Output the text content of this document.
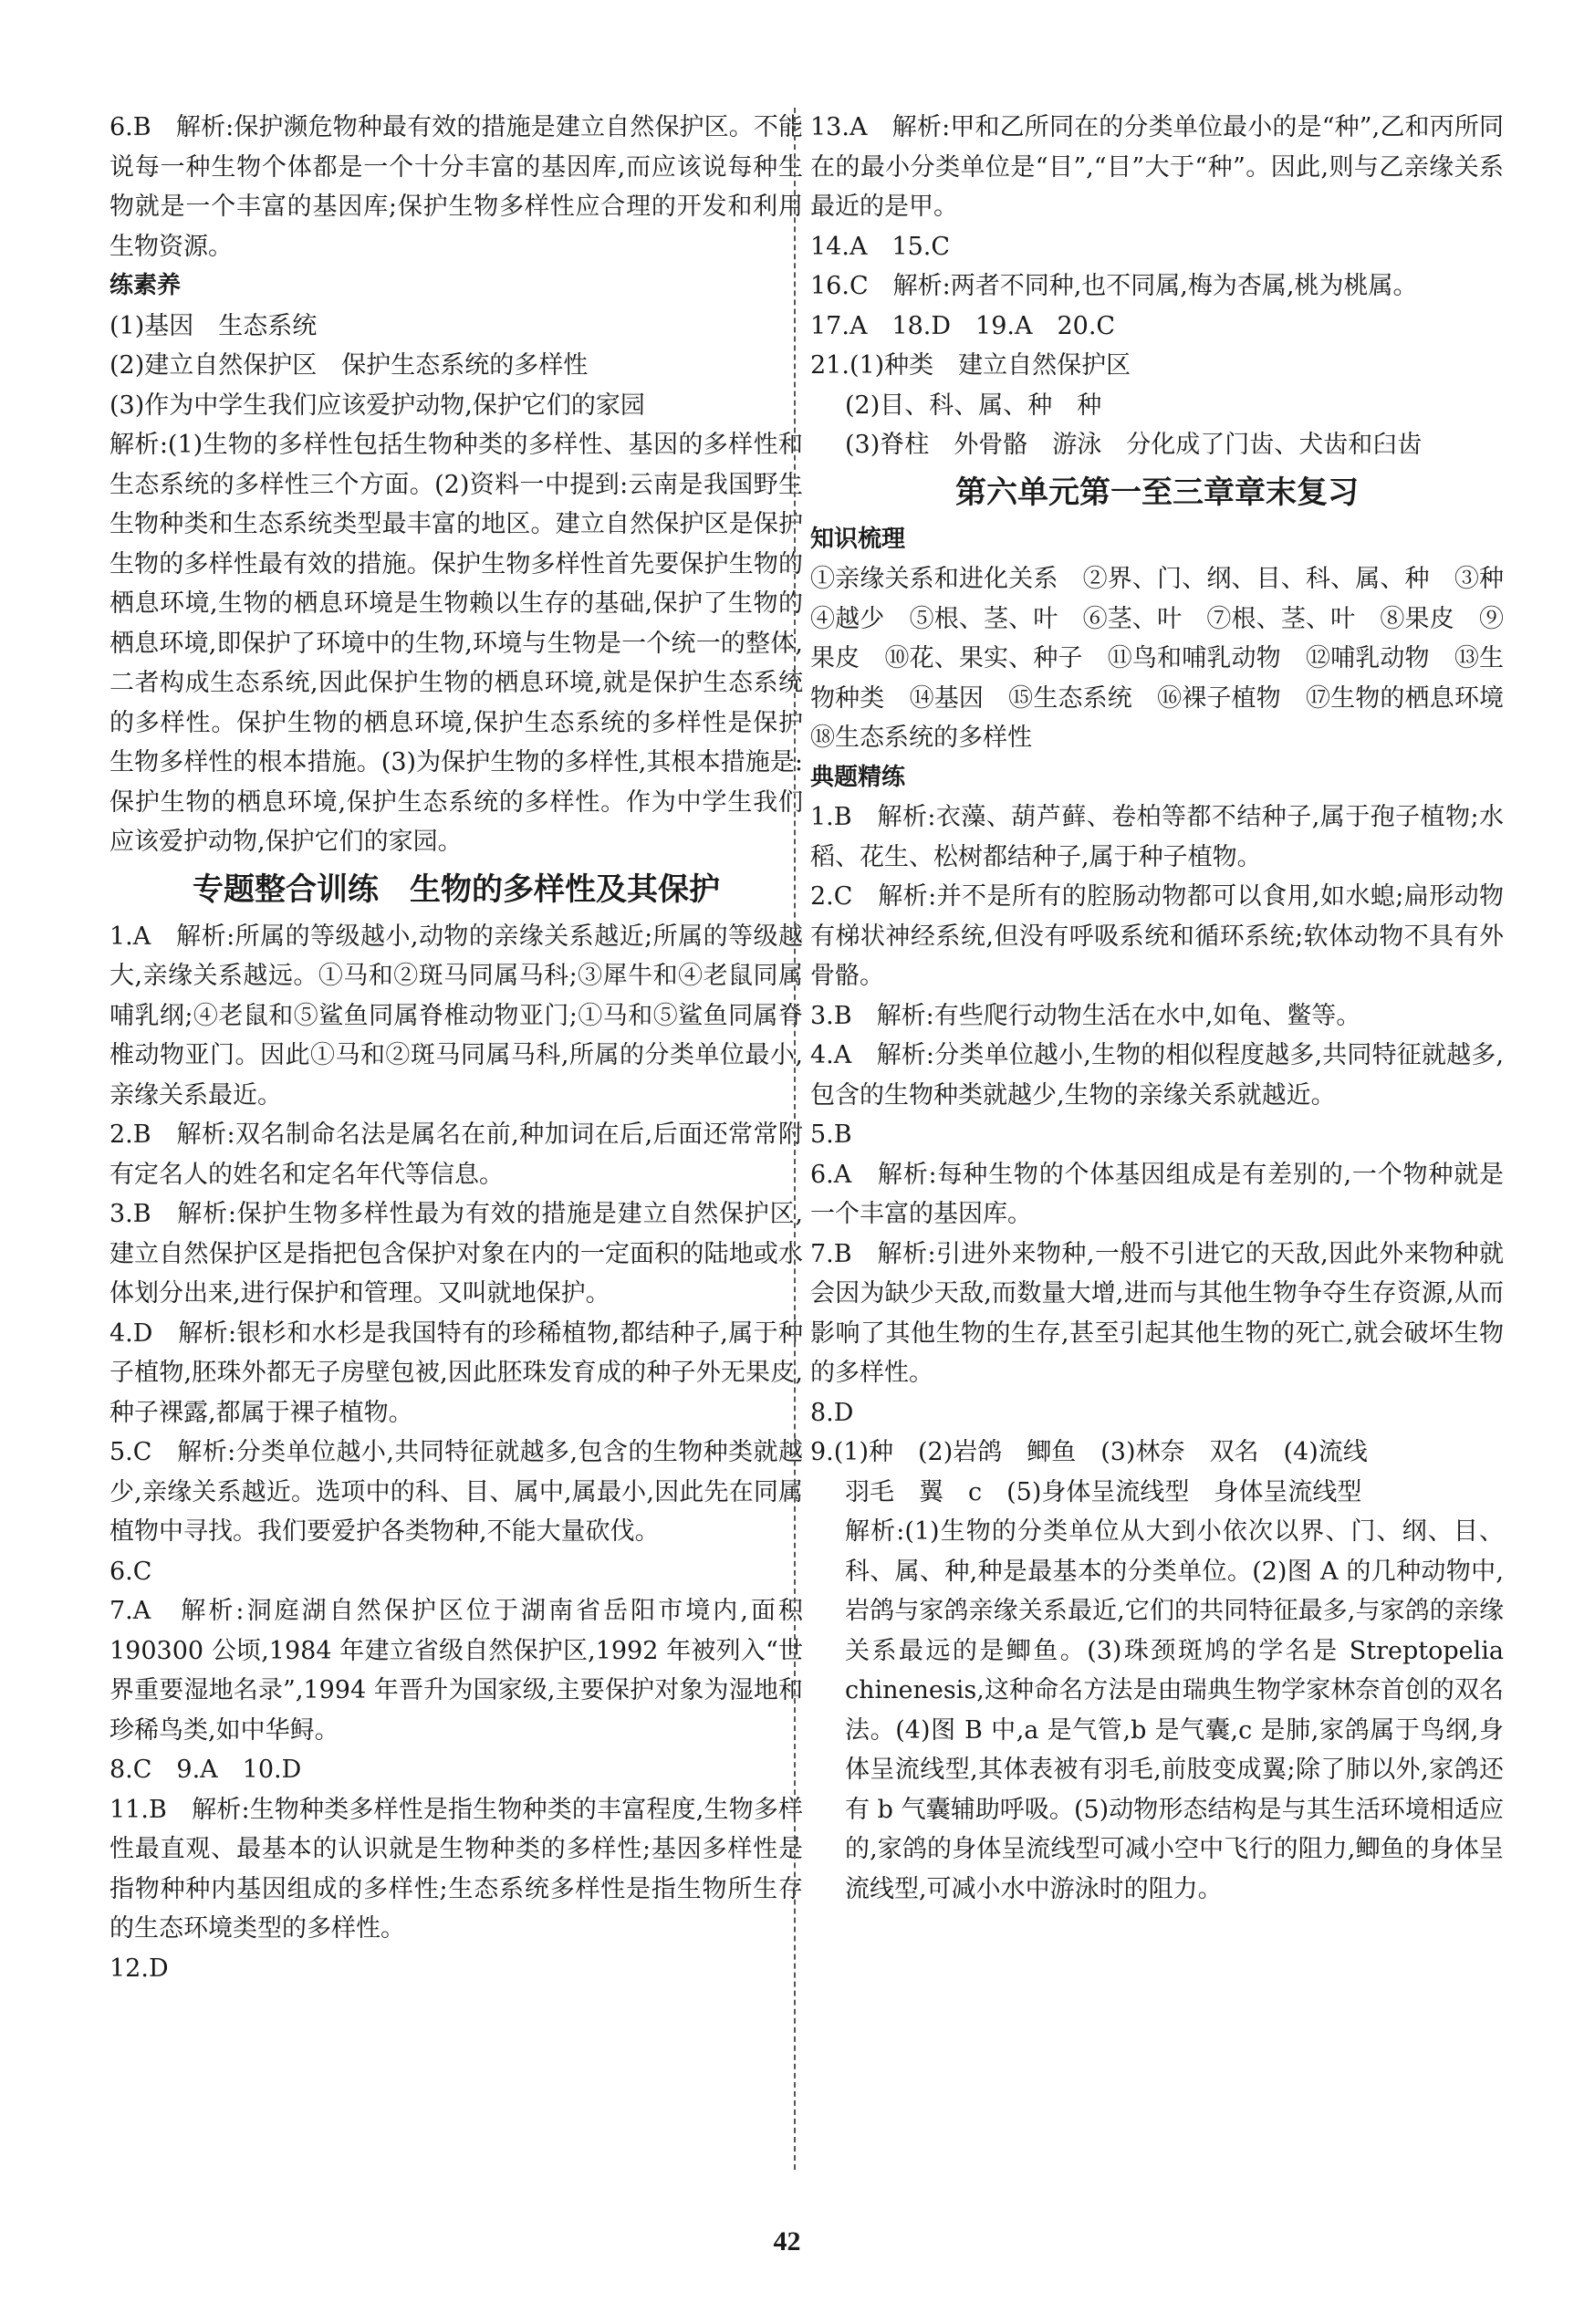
6.B　解析:保护濒危物种最有效的措施是建立自然保护区。不能说每一种生物个体都是一个十分丰富的基因库,而应该说每种生物就是一个丰富的基因库;保护生物多样性应合理的开发和利用生物资源。

练素养

(1)基因　生态系统

(2)建立自然保护区　保护生态系统的多样性

(3)作为中学生我们应该爱护动物,保护它们的家园

解析:(1)生物的多样性包括生物种类的多样性、基因的多样性和生态系统的多样性三个方面。(2)资料一中提到:云南是我国野生生物种类和生态系统类型最丰富的地区。建立自然保护区是保护生物的多样性最有效的措施。保护生物多样性首先要保护生物的栖息环境,生物的栖息环境是生物赖以生存的基础,保护了生物的栖息环境,即保护了环境中的生物,环境与生物是一个统一的整体,二者构成生态系统,因此保护生物的栖息环境,就是保护生态系统的多样性。保护生物的栖息环境,保护生态系统的多样性是保护生物多样性的根本措施。(3)为保护生物的多样性,其根本措施是:保护生物的栖息环境,保护生态系统的多样性。作为中学生我们应该爱护动物,保护它们的家园。

专题整合训练　生物的多样性及其保护

1.A　解析:所属的等级越小,动物的亲缘关系越近;所属的等级越大,亲缘关系越远。①马和②斑马同属马科;③犀牛和④老鼠同属哺乳纲;④老鼠和⑤鲨鱼同属脊椎动物亚门;①马和⑤鲨鱼同属脊椎动物亚门。因此①马和②斑马同属马科,所属的分类单位最小,亲缘关系最近。

2.B　解析:双名制命名法是属名在前,种加词在后,后面还常常附有定名人的姓名和定名年代等信息。

3.B　解析:保护生物多样性最为有效的措施是建立自然保护区,建立自然保护区是指把包含保护对象在内的一定面积的陆地或水体划分出来,进行保护和管理。又叫就地保护。

4.D　解析:银杉和水杉是我国特有的珍稀植物,都结种子,属于种子植物,胚珠外都无子房壁包被,因此胚珠发育成的种子外无果皮,种子裸露,都属于裸子植物。

5.C　解析:分类单位越小,共同特征就越多,包含的生物种类就越少,亲缘关系越近。选项中的科、目、属中,属最小,因此先在同属植物中寻找。我们要爱护各类物种,不能大量砍伐。

6.C

7.A　解析:洞庭湖自然保护区位于湖南省岳阳市境内,面积 190300 公顷,1984 年建立省级自然保护区,1992 年被列入“世界重要湿地名录”,1994 年晋升为国家级,主要保护对象为湿地和珍稀鸟类,如中华鲟。

8.C　9.A　10.D

11.B　解析:生物种类多样性是指生物种类的丰富程度,生物多样性最直观、最基本的认识就是生物种类的多样性;基因多样性是指物种种内基因组成的多样性;生态系统多样性是指生物所生存的生态环境类型的多样性。

12.D

13.A　解析:甲和乙所同在的分类单位最小的是“种”,乙和丙所同在的最小分类单位是“目”,“目”大于“种”。因此,则与乙亲缘关系最近的是甲。

14.A　15.C

16.C　解析:两者不同种,也不同属,梅为杏属,桃为桃属。

17.A　18.D　19.A　20.C

21.(1)种类　建立自然保护区

(2)目、科、属、种　种

(3)脊柱　外骨骼　游泳　分化成了门齿、犬齿和臼齿

第六单元第一至三章章末复习

知识梳理

①亲缘关系和进化关系　②界、门、纲、目、科、属、种　③种　④越少　⑤根、茎、叶　⑥茎、叶　⑦根、茎、叶　⑧果皮　⑨果皮　⑩花、果实、种子　⑪鸟和哺乳动物　⑫哺乳动物　⑬生物种类　⑭基因　⑮生态系统　⑯裸子植物　⑰生物的栖息环境　⑱生态系统的多样性

典题精练

1.B　解析:衣藻、葫芦藓、卷柏等都不结种子,属于孢子植物;水稻、花生、松树都结种子,属于种子植物。

2.C　解析:并不是所有的腔肠动物都可以食用,如水螅;扁形动物有梯状神经系统,但没有呼吸系统和循环系统;软体动物不具有外骨骼。

3.B　解析:有些爬行动物生活在水中,如龟、鳖等。

4.A　解析:分类单位越小,生物的相似程度越多,共同特征就越多,包含的生物种类就越少,生物的亲缘关系就越近。

5.B

6.A　解析:每种生物的个体基因组成是有差别的,一个物种就是一个丰富的基因库。

7.B　解析:引进外来物种,一般不引进它的天敌,因此外来物种就会因为缺少天敌,而数量大增,进而与其他生物争夺生存资源,从而影响了其他生物的生存,甚至引起其他生物的死亡,就会破坏生物的多样性。

8.D

9.(1)种　(2)岩鸽　鲫鱼　(3)林奈　双名　(4)流线

羽毛　翼　c　(5)身体呈流线型　身体呈流线型

解析:(1)生物的分类单位从大到小依次以界、门、纲、目、科、属、种,种是最基本的分类单位。(2)图 A 的几种动物中,岩鸽与家鸽亲缘关系最近,它们的共同特征最多,与家鸽的亲缘关系最远的是鲫鱼。(3)珠颈斑鸠的学名是 Streptopelia chinenesis,这种命名方法是由瑞典生物学家林奈首创的双名法。(4)图 B 中,a 是气管,b 是气囊,c 是肺,家鸽属于鸟纲,身体呈流线型,其体表被有羽毛,前肢变成翼;除了肺以外,家鸽还有 b 气囊辅助呼吸。(5)动物形态结构是与其生活环境相适应的,家鸽的身体呈流线型可减小空中飞行的阻力,鲫鱼的身体呈流线型,可减小水中游泳时的阻力。

42
